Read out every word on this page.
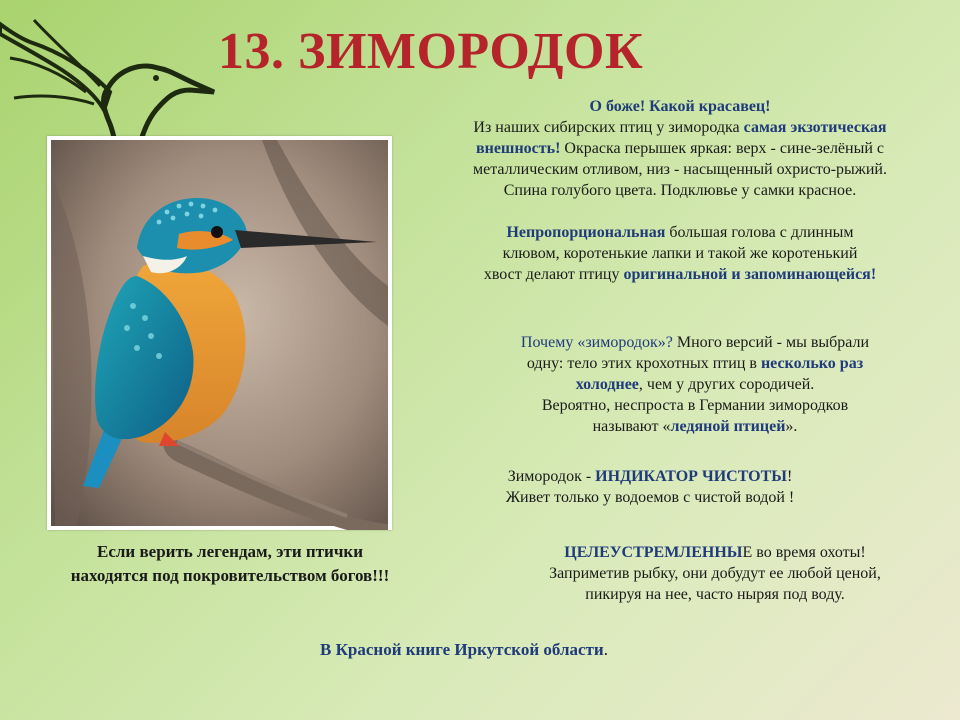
13. ЗИМОРОДОК
О боже! Какой красавец!
Из наших сибирских птиц у зимородка самая экзотическая
внешность! Окраска перышек яркая: верх - сине-зелёный с
металлическим отливом, низ - насыщенный охристо-рыжий.
Спина голубого цвета. Подклювье у самки красное.
Непропорциональная большая голова с длинным
клювом, коротенькие лапки и такой же коротенький
хвост делают птицу оригинальной и запоминающейся!
Почему «зимородок»? Много версий - мы выбрали
одну: тело этих крохотных птиц в несколько раз
холоднее, чем у других сородичей.
Вероятно, неспроста в Германии зимородков
называют «ледяной птицей».
Зимородок - ИНДИКАТОР ЧИСТОТЫ!
Живет только у водоемов с чистой водой !
ЦЕЛЕУСТРЕМЛЕННЫЕ во время охоты!
Заприметив рыбку, они добудут ее любой ценой,
пикируя на нее, часто ныряя под воду.
Если верить легендам, эти птички
находятся под покровительством богов!!!
В Красной книге Иркутской области.
